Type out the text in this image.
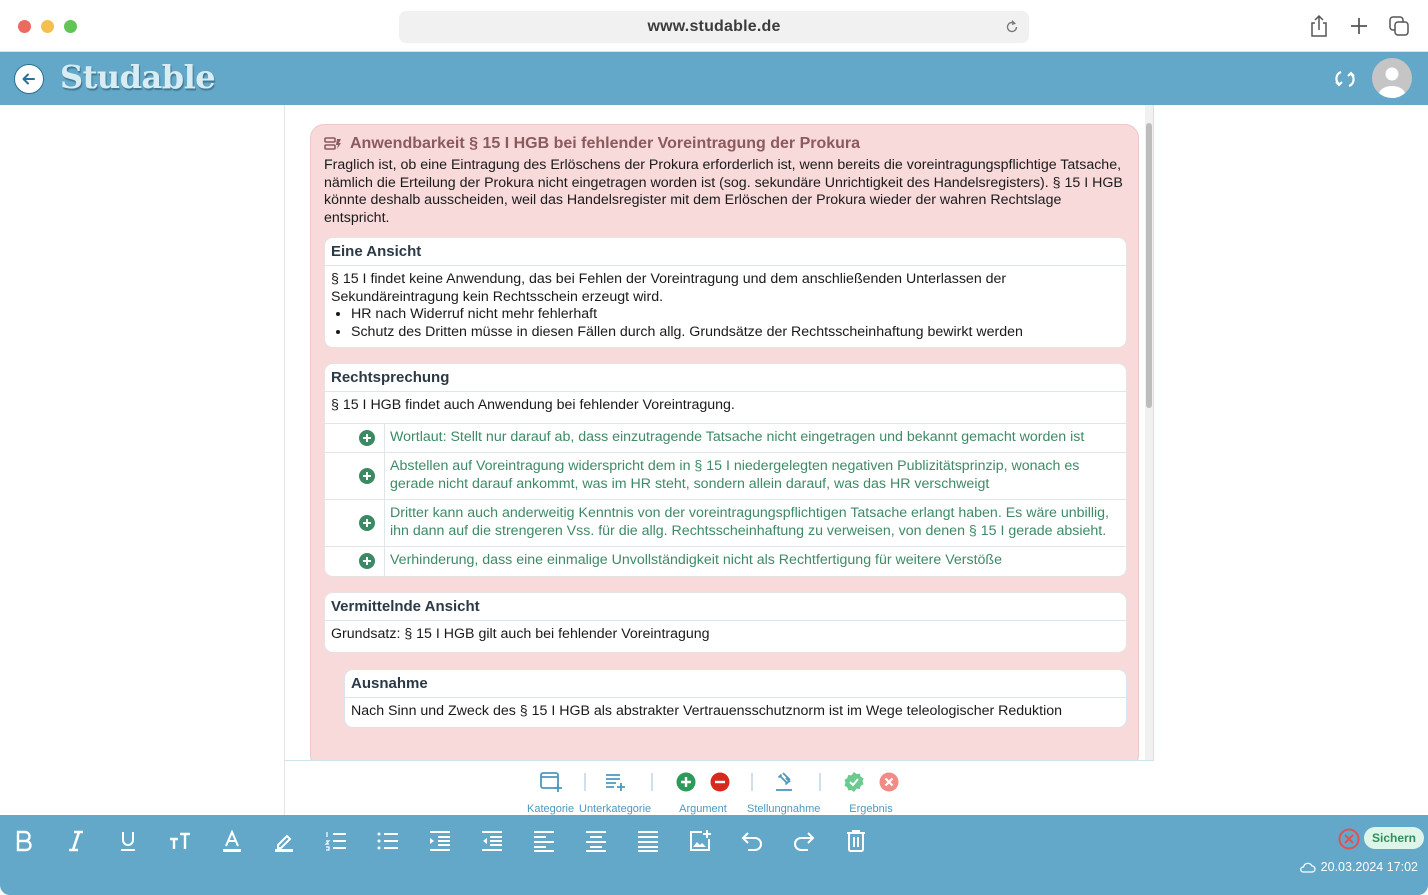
www.studable.de
Studable
Anwendbarkeit § 15 I HGB bei fehlender Voreintragung der Prokura
Fraglich ist, ob eine Eintragung des Erlöschens der Prokura erforderlich ist, wenn bereits die voreintragungspflichtige Tatsache, nämlich die Erteilung der Prokura nicht eingetragen worden ist (sog. sekundäre Unrichtigkeit des Handelsregisters). § 15 I HGB könnte deshalb ausscheiden, weil das Handelsregister mit dem Erlöschen der Prokura wieder der wahren Rechtslage entspricht.
Eine Ansicht
§ 15 I findet keine Anwendung, das bei Fehlen der Voreintragung und dem anschließenden Unterlassen der Sekundäreintragung kein Rechtsschein erzeugt wird.
• HR nach Widerruf nicht mehr fehlerhaft
• Schutz des Dritten müsse in diesen Fällen durch allg. Grundsätze der Rechtsscheinhaftung bewirkt werden
Rechtsprechung
§ 15 I HGB findet auch Anwendung bei fehlender Voreintragung.
Wortlaut: Stellt nur darauf ab, dass einzutragende Tatsache nicht eingetragen und bekannt gemacht worden ist
Abstellen auf Voreintragung widerspricht dem in § 15 I niedergelegten negativen Publizitätsprinzip, wonach es gerade nicht darauf ankommt, was im HR steht, sondern allein darauf, was das HR verschweigt
Dritter kann auch anderweitig Kenntnis von der voreintragungspflichtigen Tatsache erlangt haben. Es wäre unbillig, ihn dann auf die strengeren Vss. für die allg. Rechtsscheinhaftung zu verweisen, von denen § 15 I gerade absieht.
Verhinderung, dass eine einmalige Unvollständigkeit nicht als Rechtfertigung für weitere Verstöße
Vermittelnde Ansicht
Grundsatz: § 15 I HGB gilt auch bei fehlender Voreintragung
Ausnahme
Nach Sinn und Zweck des § 15 I HGB als abstrakter Vertrauensschutznorm ist im Wege teleologischer Reduktion
Kategorie Unterkategorie	Argument Stellungnahme	Ergebnis
Sichern
20.03.2024 17:02
